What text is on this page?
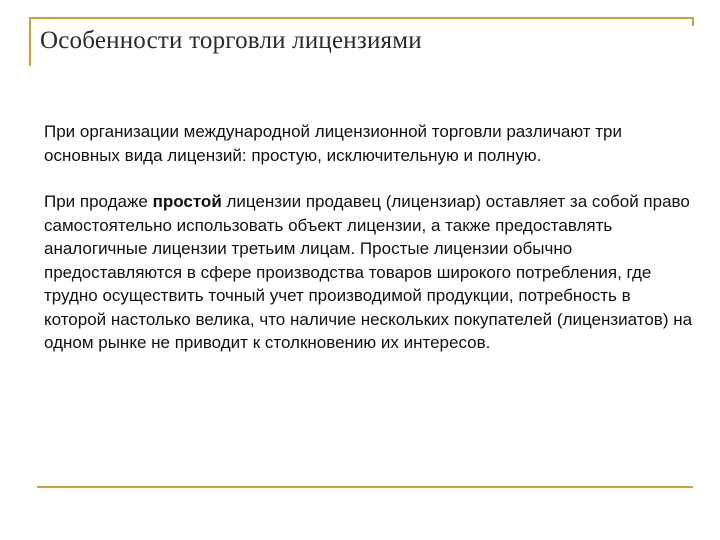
Особенности торговли лицензиями

При организации международной лицензионной торговли различают три основных вида лицензий: простую, исключительную и полную.

При продаже простой лицензии продавец (лицензиар) оставляет за собой право самостоятельно использовать объект лицензии, а также предоставлять аналогичные лицензии третьим лицам. Простые лицензии обычно предоставляются в сфере производства товаров широкого потребления, где трудно осуществить точный учет производимой продукции, потребность в которой настолько велика, что наличие нескольких покупателей (лицензиатов) на одном рынке не приводит к столкновению их интересов.
